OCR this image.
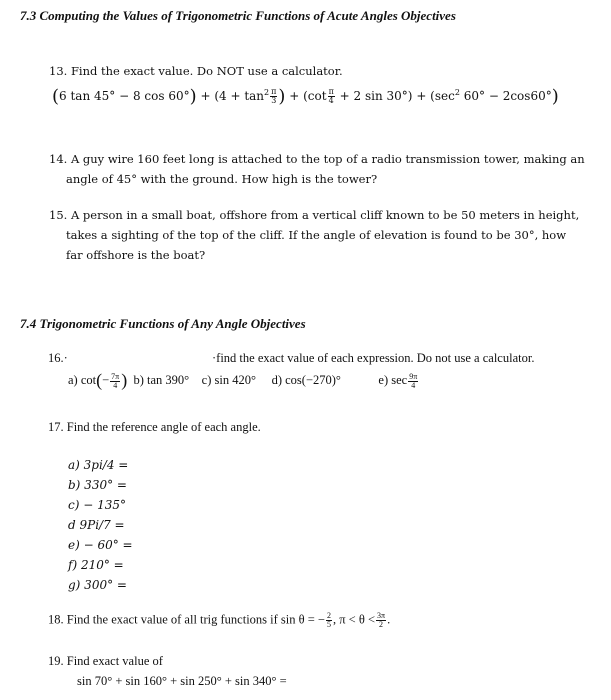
7.3 Computing the Values of Trigonometric Functions of Acute Angles Objectives
13. Find the exact value. Do NOT use a calculator.
(6 tan 45° − 8 $\cos 60^\circ) + (4 + \tan^2 \frac{\pi}{3}$ ) + ($\cot \frac{\pi}{4} + 2$ $\sin 30^\circ) + (\sec^2$ 60° − 2cos60°)
14. A guy wire 160 feet long is attached to the top of a radio transmission tower, making an
angle of 45° with the ground. How high is the tower?
15. A person in a small boat, offshore from a vertical cliff known to be 50 meters in height,
takes a sighting of the top of the cliff. If the angle of elevation is found to be 30°, how
far offshore is the boat?
7.4 Trigonometric Functions of Any Angle Objectives
16.·	·find the exact value of each expression. Do not use a calculator.
a) $\cot(- \frac{7\pi}{4}$ ) b) tan 390° c) sin 420° d) cos(−270)°	e) $\sec \frac{9\pi}{4}$
17. Find the reference angle of each angle.
a) 3pi/4 =
b) 330° =
c) − 135°
d 9Pi/7 =
e) − 60° =
f) 210° =
g) 300° =
18. Find the exact value of all trig functions if sin θ = − $\frac{2}{5}$ , $\pi < \theta < \frac{3\pi}{2}$ .
19. Find exact value of
sin 70° + sin 160° + sin 250° + sin 340° =
